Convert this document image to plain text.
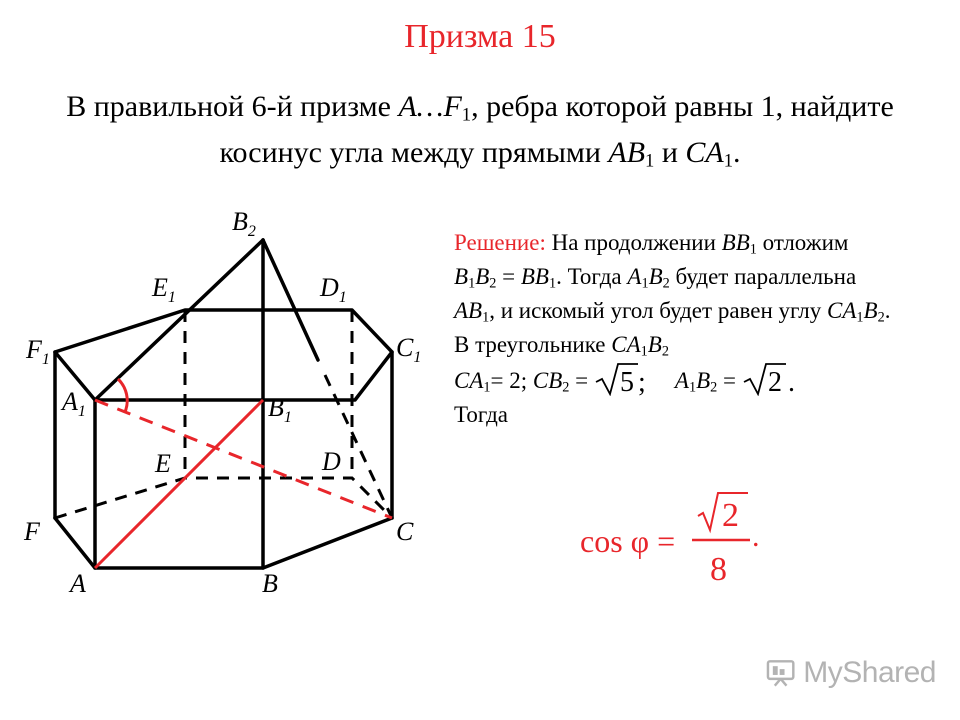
Призма 15
В правильной 6-й призме $A\dots F_1$, ребра которой равны 1, найдите косинус угла между прямыми $AB_1$ и $CA_1$.
$B_2$
$E_1$	$D_1$
$F_1$	$C_1$
$A_1$	$B_1$
E	D
F	C
A	B
Решение: На продолжении $BB_1$ отложим $B_1B_2 = BB_1$. Тогда $A_1B_2$ будет параллельна $AB_1$, и искомый угол будет равен углу $CA_1B_2$. В треугольнике $CA_1B_2$
$CA_1= 2$; $CB_2 = 5$ ; $A_1B_2 = 2$ .

Тогда
cos φ =
2
8
.
MyShared
